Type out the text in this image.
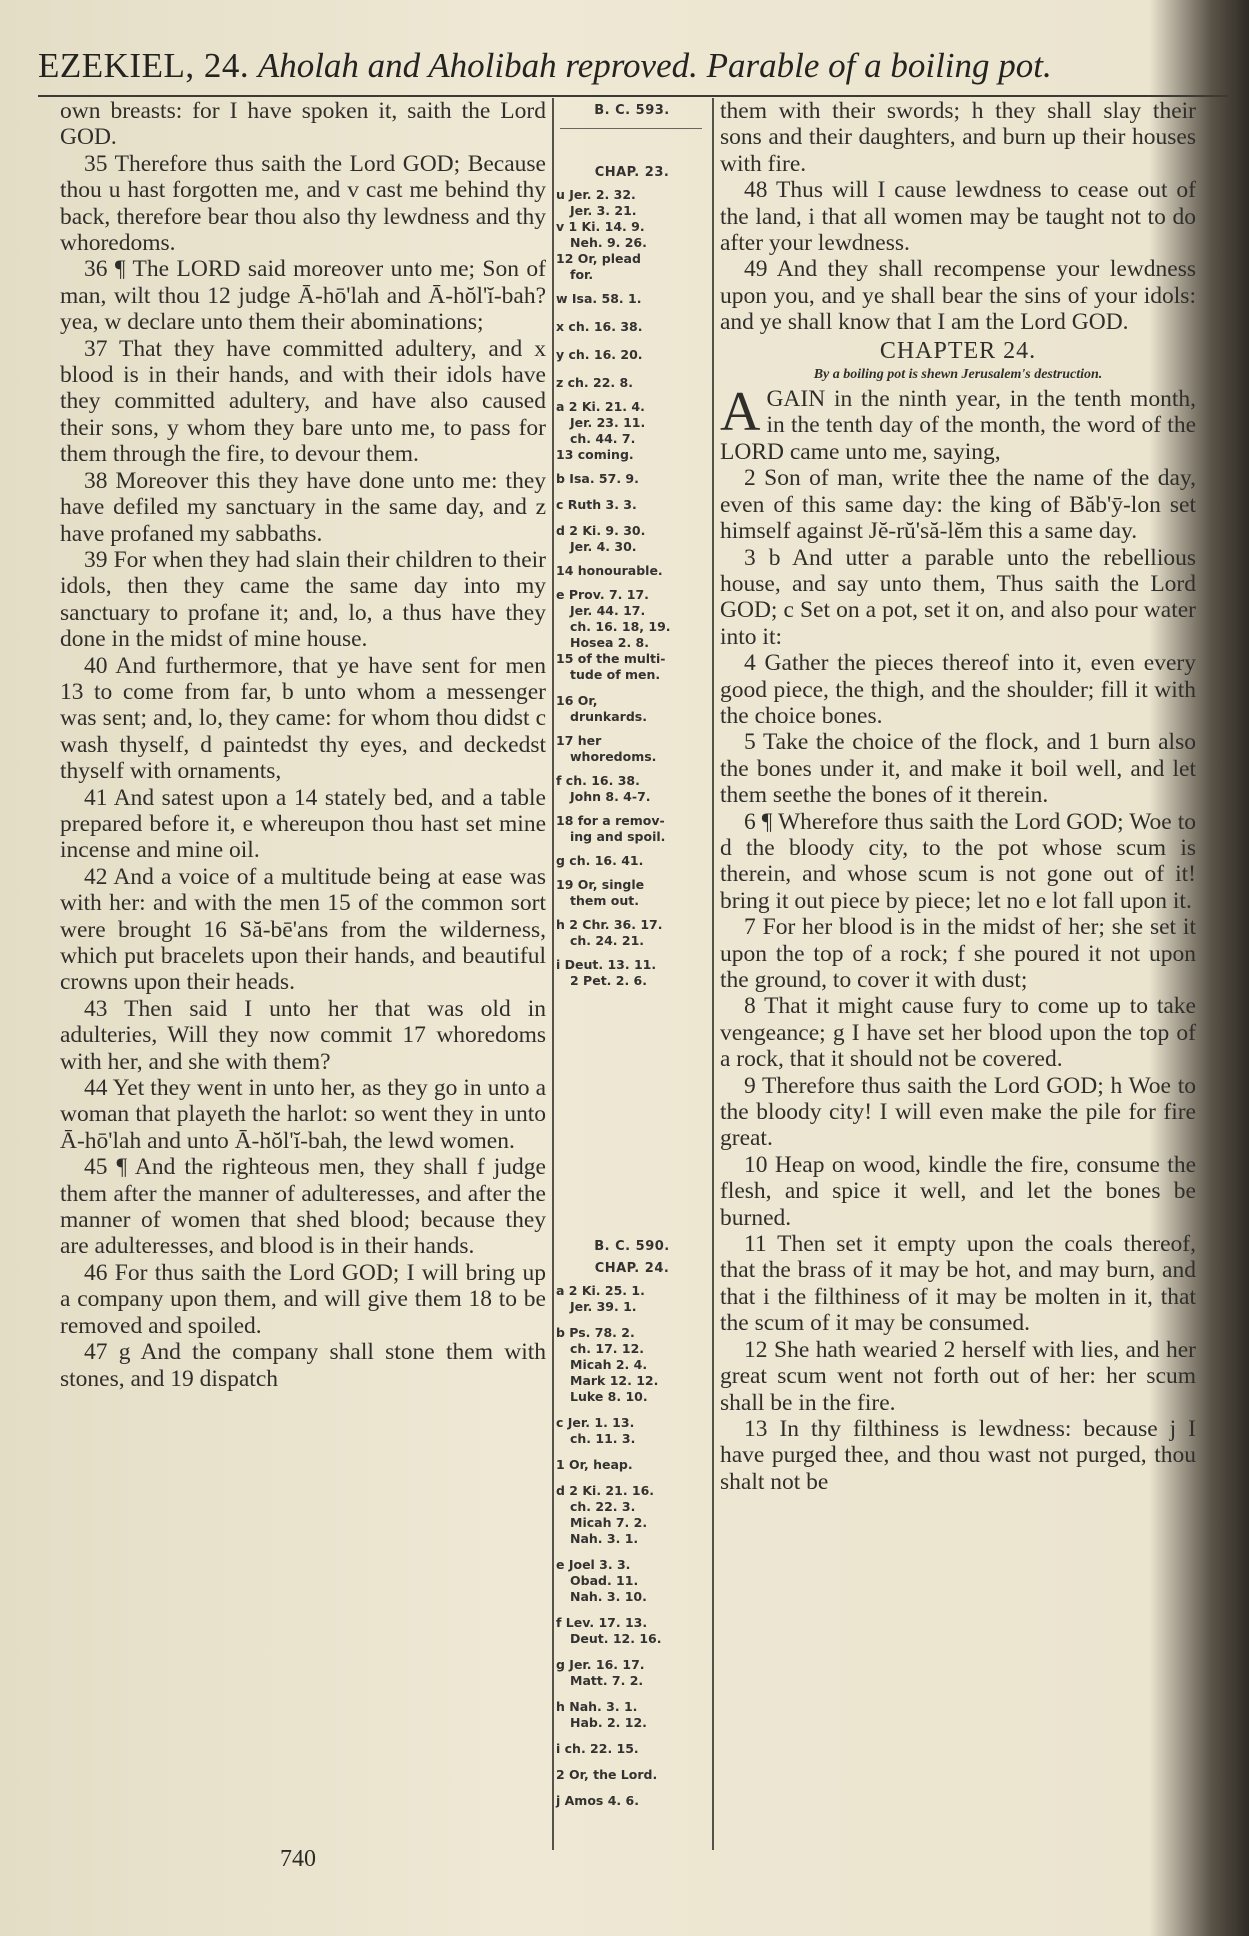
EZEKIEL, 24. Aholah and Aholibah reproved. Parable of a boiling pot.

own breasts: for I have spoken it, saith the Lord GOD.

35 Therefore thus saith the Lord GOD; Because thou u hast forgotten me, and v cast me behind thy back, therefore bear thou also thy lewdness and thy whoredoms.

36 ¶ The LORD said moreover unto me; Son of man, wilt thou 12 judge Ā-hō'lah and Ā-hŏl'ĭ-bah? yea, w declare unto them their abominations;

37 That they have committed adultery, and x blood is in their hands, and with their idols have they committed adultery, and have also caused their sons, y whom they bare unto me, to pass for them through the fire, to devour them.

38 Moreover this they have done unto me: they have defiled my sanctuary in the same day, and z have profaned my sabbaths.

39 For when they had slain their children to their idols, then they came the same day into my sanctuary to profane it; and, lo, a thus have they done in the midst of mine house.

40 And furthermore, that ye have sent for men 13 to come from far, b unto whom a messenger was sent; and, lo, they came: for whom thou didst c wash thyself, d paintedst thy eyes, and deckedst thyself with ornaments,

41 And satest upon a 14 stately bed, and a table prepared before it, e whereupon thou hast set mine incense and mine oil.

42 And a voice of a multitude being at ease was with her: and with the men 15 of the common sort were brought 16 Să-bē'ans from the wilderness, which put bracelets upon their hands, and beautiful crowns upon their heads.

43 Then said I unto her that was old in adulteries, Will they now commit 17 whoredoms with her, and she with them?

44 Yet they went in unto her, as they go in unto a woman that playeth the harlot: so went they in unto Ā-hō'lah and unto Ā-hŏl'ĭ-bah, the lewd women.

45 ¶ And the righteous men, they shall f judge them after the manner of adulteresses, and after the manner of women that shed blood; because they are adulteresses, and blood is in their hands.

46 For thus saith the Lord GOD; I will bring up a company upon them, and will give them 18 to be removed and spoiled.

47 g And the company shall stone them with stones, and 19 dispatch

B. C. 593.
CHAP. 23.
u Jer. 2. 32.
Jer. 3. 21.
v 1 Ki. 14. 9.
Neh. 9. 26.
12 Or, plead
for.
w Isa. 58. 1.
x ch. 16. 38.
y ch. 16. 20.
z ch. 22. 8.
a 2 Ki. 21. 4.
Jer. 23. 11.
ch. 44. 7.
13 coming.
b Isa. 57. 9.
c Ruth 3. 3.
d 2 Ki. 9. 30.
Jer. 4. 30.
14 honourable.
e Prov. 7. 17.
Jer. 44. 17.
ch. 16. 18, 19.
Hosea 2. 8.
15 of the multi-
tude of men.
16 Or,
drunkards.
17 her
whoredoms.
f ch. 16. 38.
John 8. 4-7.
18 for a remov-
ing and spoil.
g ch. 16. 41.
19 Or, single
them out.
h 2 Chr. 36. 17.
ch. 24. 21.
i Deut. 13. 11.
2 Pet. 2. 6.
B. C. 590.
CHAP. 24.
a 2 Ki. 25. 1.
Jer. 39. 1.
b Ps. 78. 2.
ch. 17. 12.
Micah 2. 4.
Mark 12. 12.
Luke 8. 10.
c Jer. 1. 13.
ch. 11. 3.
1 Or, heap.
d 2 Ki. 21. 16.
ch. 22. 3.
Micah 7. 2.
Nah. 3. 1.
e Joel 3. 3.
Obad. 11.
Nah. 3. 10.
f Lev. 17. 13.
Deut. 12. 16.
g Jer. 16. 17.
Matt. 7. 2.
h Nah. 3. 1.
Hab. 2. 12.
i ch. 22. 15.
2 Or, the Lord.
j Amos 4. 6.

them with their swords; h they shall slay their sons and their daughters, and burn up their houses with fire.

48 Thus will I cause lewdness to cease out of the land, i that all women may be taught not to do after your lewdness.

49 And they shall recompense your lewdness upon you, and ye shall bear the sins of your idols: and ye shall know that I am the Lord GOD.

CHAPTER 24.

By a boiling pot is shewn Jerusalem's destruction.

AGAIN in the ninth year, in the tenth month, in the tenth day of the month, the word of the LORD came unto me, saying,

2 Son of man, write thee the name of the day, even of this same day: the king of Băb'ȳ-lon set himself against Jĕ-rŭ'să-lĕm this a same day.

3 b And utter a parable unto the rebellious house, and say unto them, Thus saith the Lord GOD; c Set on a pot, set it on, and also pour water into it:

4 Gather the pieces thereof into it, even every good piece, the thigh, and the shoulder; fill it with the choice bones.

5 Take the choice of the flock, and 1 burn also the bones under it, and make it boil well, and let them seethe the bones of it therein.

6 ¶ Wherefore thus saith the Lord GOD; Woe to d the bloody city, to the pot whose scum is therein, and whose scum is not gone out of it! bring it out piece by piece; let no e lot fall upon it.

7 For her blood is in the midst of her; she set it upon the top of a rock; f she poured it not upon the ground, to cover it with dust;

8 That it might cause fury to come up to take vengeance; g I have set her blood upon the top of a rock, that it should not be covered.

9 Therefore thus saith the Lord GOD; h Woe to the bloody city! I will even make the pile for fire great.

10 Heap on wood, kindle the fire, consume the flesh, and spice it well, and let the bones be burned.

11 Then set it empty upon the coals thereof, that the brass of it may be hot, and may burn, and that i the filthiness of it may be molten in it, that the scum of it may be consumed.

12 She hath wearied 2 herself with lies, and her great scum went not forth out of her: her scum shall be in the fire.

13 In thy filthiness is lewdness: because j I have purged thee, and thou wast not purged, thou shalt not be

740
